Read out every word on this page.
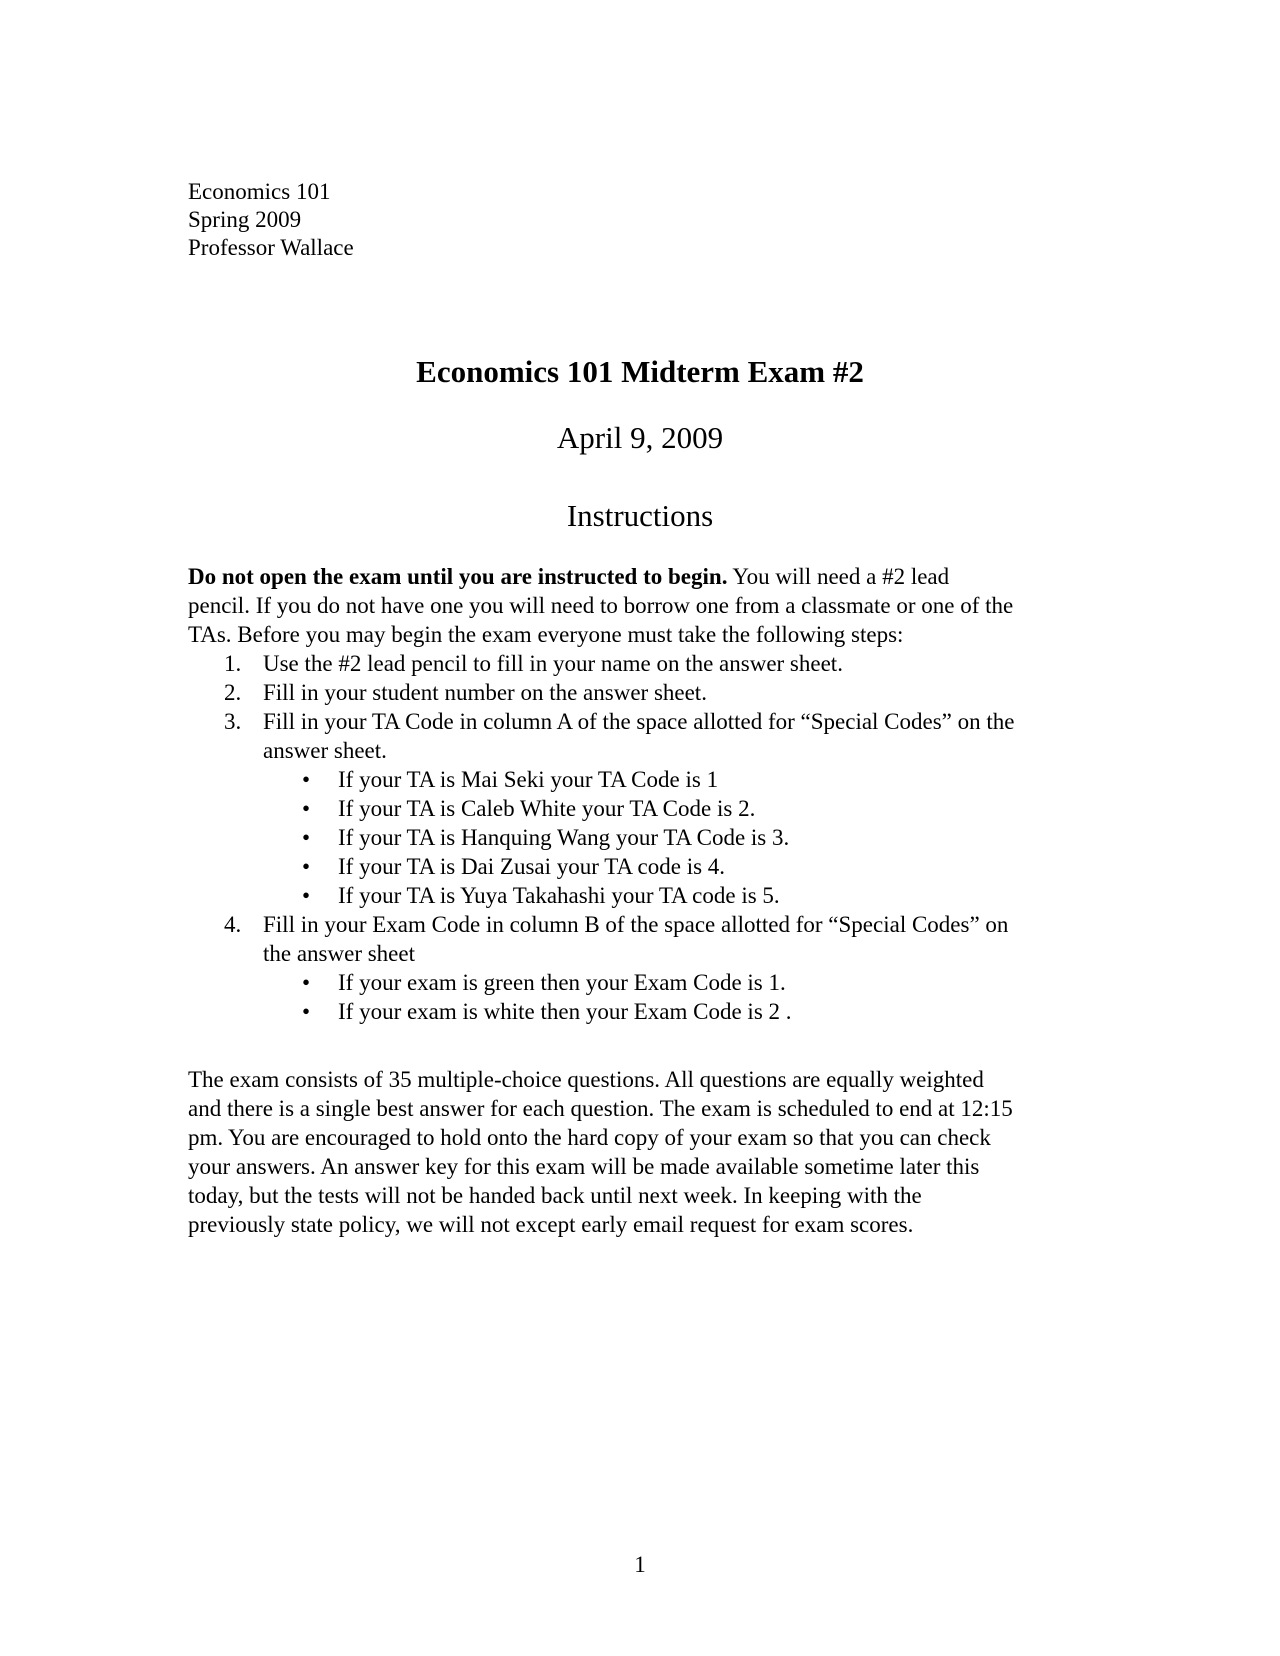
Economics 101
Spring 2009
Professor Wallace
Economics 101 Midterm Exam #2
April 9, 2009
Instructions
Do not open the exam until you are instructed to begin. You will need a #2 lead
pencil. If you do not have one you will need to borrow one from a classmate or one of the
TAs. Before you may begin the exam everyone must take the following steps:
1. Use the #2 lead pencil to fill in your name on the answer sheet.
2. Fill in your student number on the answer sheet.
3. Fill in your TA Code in column A of the space allotted for “Special Codes” on the
answer sheet.
•	If your TA is Mai Seki your TA Code is 1
•	If your TA is Caleb White your TA Code is 2.
•	If your TA is Hanquing Wang your TA Code is 3.
•	If your TA is Dai Zusai your TA code is 4.
•	If your TA is Yuya Takahashi your TA code is 5.
4. Fill in your Exam Code in column B of the space allotted for “Special Codes” on
the answer sheet
•	If your exam is green then your Exam Code is 1.
•	If your exam is white then your Exam Code is 2 .
The exam consists of 35 multiple-choice questions. All questions are equally weighted
and there is a single best answer for each question. The exam is scheduled to end at 12:15
pm. You are encouraged to hold onto the hard copy of your exam so that you can check
your answers. An answer key for this exam will be made available sometime later this
today, but the tests will not be handed back until next week. In keeping with the
previously state policy, we will not except early email request for exam scores.
1
